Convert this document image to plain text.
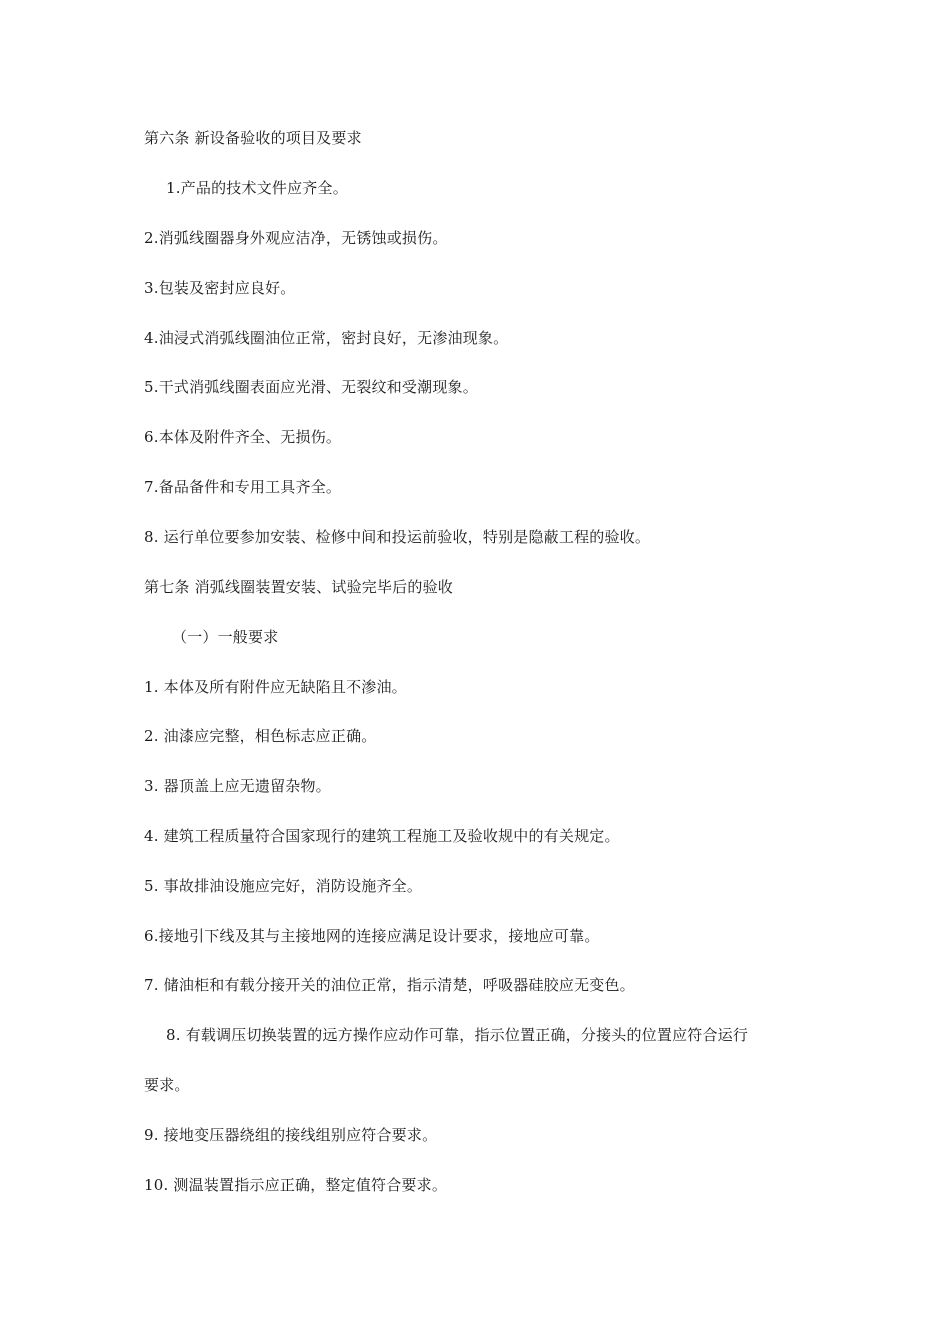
第六条 新设备验收的项目及要求
1.产品的技术文件应齐全。
2.消弧线圈器身外观应洁净，无锈蚀或损伤。
3.包装及密封应良好。
4.油浸式消弧线圈油位正常，密封良好，无渗油现象。
5.干式消弧线圈表面应光滑、无裂纹和受潮现象。
6.本体及附件齐全、无损伤。
7.备品备件和专用工具齐全。
8. 运行单位要参加安装、检修中间和投运前验收，特别是隐蔽工程的验收。
第七条 消弧线圈装置安装、试验完毕后的验收
（一）一般要求
1. 本体及所有附件应无缺陷且不渗油。
2. 油漆应完整，相色标志应正确。
3. 器顶盖上应无遗留杂物。
4. 建筑工程质量符合国家现行的建筑工程施工及验收规中的有关规定。
5. 事故排油设施应完好，消防设施齐全。
6.接地引下线及其与主接地网的连接应满足设计要求，接地应可靠。
7. 储油柜和有载分接开关的油位正常，指示清楚，呼吸器硅胶应无变色。
8. 有载调压切换装置的远方操作应动作可靠，指示位置正确，分接头的位置应符合运行
要求。
9. 接地变压器绕组的接线组别应符合要求。
10. 测温装置指示应正确，整定值符合要求。
